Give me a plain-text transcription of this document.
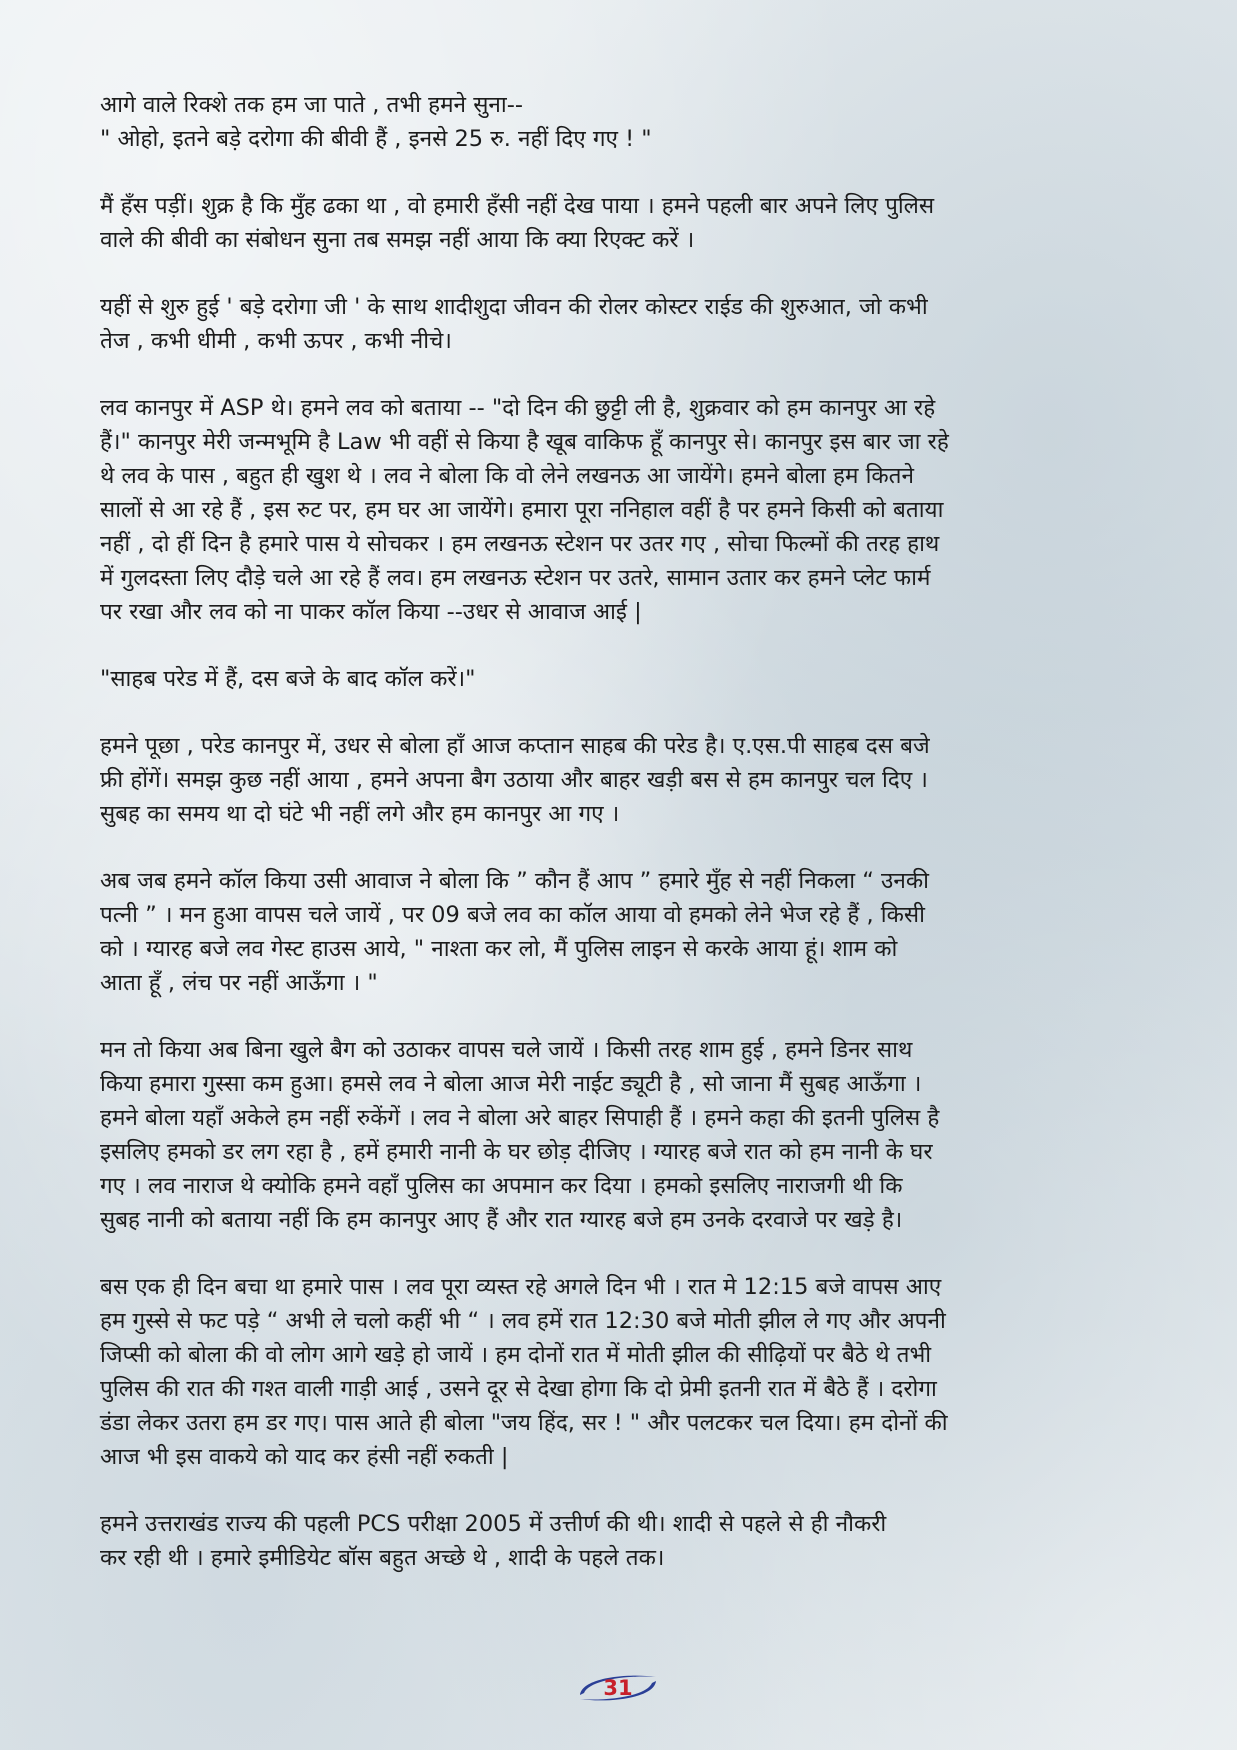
आगे वाले रिक्शे तक हम जा पाते , तभी हमने सुना--
" ओहो, इतने बड़े दरोगा की बीवी हैं , इनसे 25 रु. नहीं दिए गए ! "

मैं हँस पड़ीं। शुक्र है कि मुँह ढका था , वो हमारी हँसी नहीं देख पाया । हमने पहली बार अपने लिए पुलिस
वाले की बीवी का संबोधन सुना तब समझ नहीं आया कि क्या रिएक्ट करें ।

यहीं से शुरु हुई ' बड़े दरोगा जी ' के साथ शादीशुदा जीवन की रोलर कोस्टर राईड की शुरुआत, जो कभी
तेज , कभी धीमी , कभी ऊपर , कभी नीचे।

लव कानपुर में ASP थे। हमने लव को बताया -- "दो दिन की छुट्टी ली है, शुक्रवार को हम कानपुर आ रहे
हैं।" कानपुर मेरी जन्मभूमि है Law भी वहीं से किया है खूब वाकिफ हूँ कानपुर से। कानपुर इस बार जा रहे
थे लव के पास , बहुत ही खुश थे । लव ने बोला कि वो लेने लखनऊ आ जायेंगे। हमने बोला हम कितने
सालों से आ रहे हैं , इस रुट पर, हम घर आ जायेंगे। हमारा पूरा ननिहाल वहीं है पर हमने किसी को बताया
नहीं , दो हीं दिन है हमारे पास ये सोचकर । हम लखनऊ स्टेशन पर उतर गए , सोचा फिल्मों की तरह हाथ
में गुलदस्ता लिए दौड़े चले आ रहे हैं लव। हम लखनऊ स्टेशन पर उतरे, सामान उतार कर हमने प्लेट फार्म
पर रखा और लव को ना पाकर कॉल किया --उधर से आवाज आई |

"साहब परेड में हैं, दस बजे के बाद कॉल करें।"

हमने पूछा , परेड कानपुर में, उधर से बोला हाँ आज कप्तान साहब की परेड है। ए.एस.पी साहब दस बजे
फ्री होंगें। समझ कुछ नहीं आया , हमने अपना बैग उठाया और बाहर खड़ी बस से हम कानपुर चल दिए ।
सुबह का समय था दो घंटे भी नहीं लगे और हम कानपुर आ गए ।

अब जब हमने कॉल किया उसी आवाज ने बोला कि ” कौन हैं आप ” हमारे मुँह से नहीं निकला “ उनकी
पत्नी ” । मन हुआ वापस चले जायें , पर 09 बजे लव का कॉल आया वो हमको लेने भेज रहे हैं , किसी
को । ग्यारह बजे लव गेस्ट हाउस आये, " नाश्ता कर लो, मैं पुलिस लाइन से करके आया हूं। शाम को
आता हूँ , लंच पर नहीं आऊँगा । "

मन तो किया अब बिना खुले बैग को उठाकर वापस चले जायें । किसी तरह शाम हुई , हमने डिनर साथ
किया हमारा गुस्सा कम हुआ। हमसे लव ने बोला आज मेरी नाईट ड्यूटी है , सो जाना मैं सुबह आऊँगा ।
हमने बोला यहाँ अकेले हम नहीं रुकेंगें । लव ने बोला अरे बाहर सिपाही हैं । हमने कहा की इतनी पुलिस है
इसलिए हमको डर लग रहा है , हमें हमारी नानी के घर छोड़ दीजिए । ग्यारह बजे रात को हम नानी के घर
गए । लव नाराज थे क्योकि हमने वहाँ पुलिस का अपमान कर दिया । हमको इसलिए नाराजगी थी कि
सुबह नानी को बताया नहीं कि हम कानपुर आए हैं और रात ग्यारह बजे हम उनके दरवाजे पर खड़े है।

बस एक ही दिन बचा था हमारे पास । लव पूरा व्यस्त रहे अगले दिन भी । रात मे 12:15 बजे वापस आए
हम गुस्से से फट पड़े “ अभी ले चलो कहीं भी “ । लव हमें रात 12:30 बजे मोती झील ले गए और अपनी
जिप्सी को बोला की वो लोग आगे खड़े हो जायें । हम दोनों रात में मोती झील की सीढ़ियों पर बैठे थे तभी
पुलिस की रात की गश्त वाली गाड़ी आई , उसने दूर से देखा होगा कि दो प्रेमी इतनी रात में बैठे हैं । दरोगा
डंडा लेकर उतरा हम डर गए। पास आते ही बोला "जय हिंद, सर ! " और पलटकर चल दिया। हम दोनों की
आज भी इस वाकये को याद कर हंसी नहीं रुकती |

हमने उत्तराखंड राज्य की पहली PCS परीक्षा 2005 में उत्तीर्ण की थी। शादी से पहले से ही नौकरी
कर रही थी । हमारे इमीडियेट बॉस बहुत अच्छे थे , शादी के पहले तक।

31
